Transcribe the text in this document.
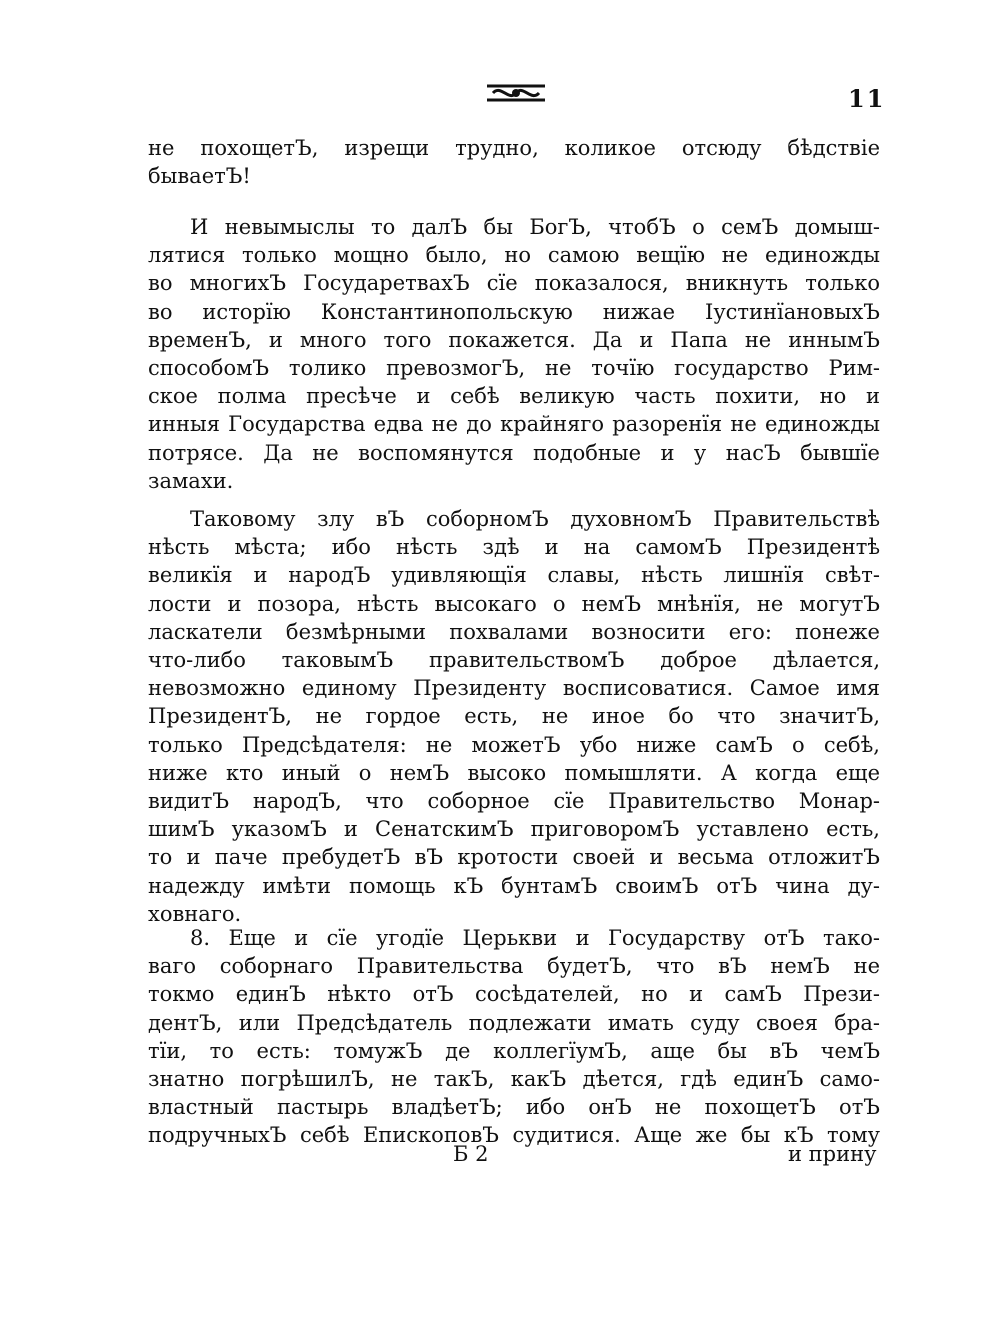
11
не похощетЪ, изрещи трудно, коликое отсюду бѣдствіе
бываетЪ!
И невымыслы то далЪ бы БогЪ, чтобЪ о семЪ домыш-
лятися только мощно было, но самою вещїю не единожды
во многихЪ ГосударетвахЪ сїе показалося, вникнуть только
во исторїю Константинопольскую нижае ІустинїановыхЪ
временЪ, и много того покажется. Да и Папа не иннымЪ
способомЪ толико превозмогЪ, не точїю государство Рим-
ское полма пресѣче и себѣ великую часть похити, но и
инныя Государства едва не до крайняго разоренїя не единожды
потрясе. Да не воспомянутся подобные и у насЪ бывшїе
замахи.
Таковому злу вЪ соборномЪ духовномЪ Правительствѣ
нѣсть мѣста; ибо нѣсть здѣ и на самомЪ Президентѣ
великїя и народЪ удивляющїя славы, нѣсть лишнїя свѣт-
лости и позора, нѣсть высокаго о немЪ мнѣнїя, не могутЪ
ласкатели безмѣрными похвалами возносити его: понеже
что-либо таковымЪ правительствомЪ доброе дѣлается,
невозможно единому Президенту восписоватися. Самое имя
ПрезидентЪ, не гордое есть, не иное бо что значитЪ,
только Предсѣдателя: не можетЪ убо ниже самЪ о себѣ,
ниже кто иный о немЪ высоко помышляти. А когда еще
видитЪ народЪ, что соборное сїе Правительство Монар-
шимЪ указомЪ и СенатскимЪ приговоромЪ уставлено есть,
то и паче пребудетЪ вЪ кротости своей и весьма отложитЪ
надежду имѣти помощь кЪ бунтамЪ своимЪ отЪ чина ду-
ховнаго.
8. Еще и сїе угодїе Церькви и Государству отЪ тако-
ваго соборнаго Правительства будетЪ, что вЪ немЪ не
токмо единЪ нѣкто отЪ сосѣдателей, но и самЪ Прези-
дентЪ, или Предсѣдатель подлежати имать суду своея бра-
тїи, то есть: томужЪ де коллегїумЪ, аще бы вЪ чемЪ
знатно погрѣшилЪ, не такЪ, какЪ дѣется, гдѣ единЪ само-
властный пастырь владѣетЪ; ибо онЪ не похощетЪ отЪ
подручныхЪ себѣ ЕпископовЪ судитися. Аще же бы кЪ тому
Б 2	и прину
